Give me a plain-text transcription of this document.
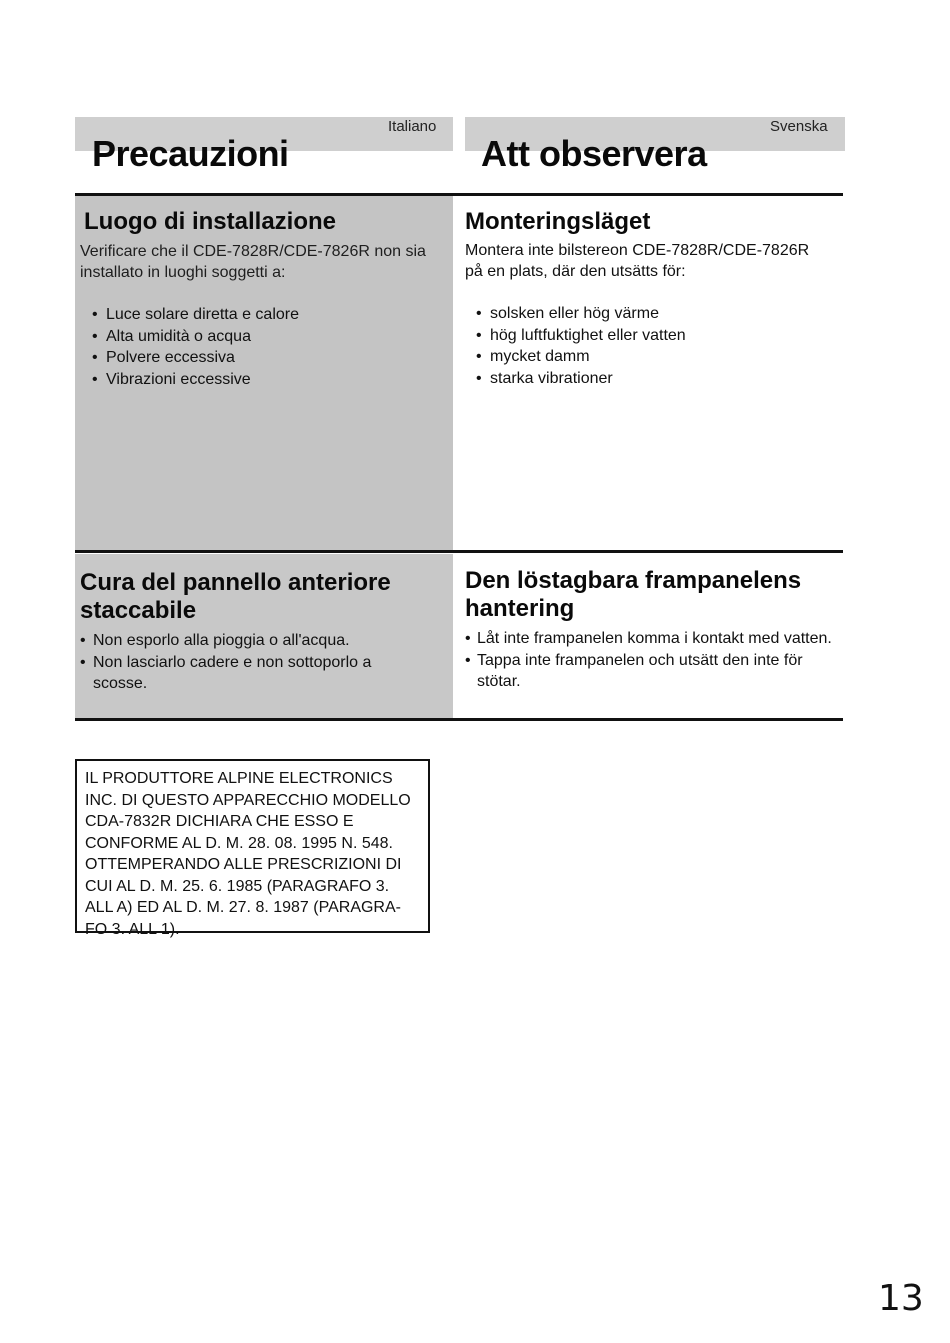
Italiano
Precauzioni
Svenska
Att observera
Luogo di installazione
Verificare che il CDE-7828R/CDE-7826R non sia installato in luoghi soggetti a:
• Luce solare diretta e calore
• Alta umidità o acqua
• Polvere eccessiva
• Vibrazioni eccessive
Monteringsläget
Montera inte bilstereon CDE-7828R/CDE-7826R på en plats, där den utsätts för:
• solsken eller hög värme
• hög luftfuktighet eller vatten
• mycket damm
• starka vibrationer
Cura del pannello anteriore staccabile
• Non esporlo alla pioggia o all'acqua.
• Non lasciarlo cadere e non sottoporlo a scosse.
Den löstagbara frampanelens hantering
• Låt inte frampanelen komma i kontakt med vatten.
• Tappa inte frampanelen och utsätt den inte för stötar.
IL PRODUTTORE ALPINE ELECTRONICS INC. DI QUESTO APPARECCHIO MODELLO CDA-7832R DICHIARA CHE ESSO E CONFORME AL D. M. 28. 08. 1995 N. 548. OTTEMPERANDO ALLE PRESCRIZIONI DI CUI AL D. M. 25. 6. 1985 (PARAGRAFO 3. ALL A) ED AL D. M. 27. 8. 1987 (PARAGRA-FO 3. ALL 1).
13
